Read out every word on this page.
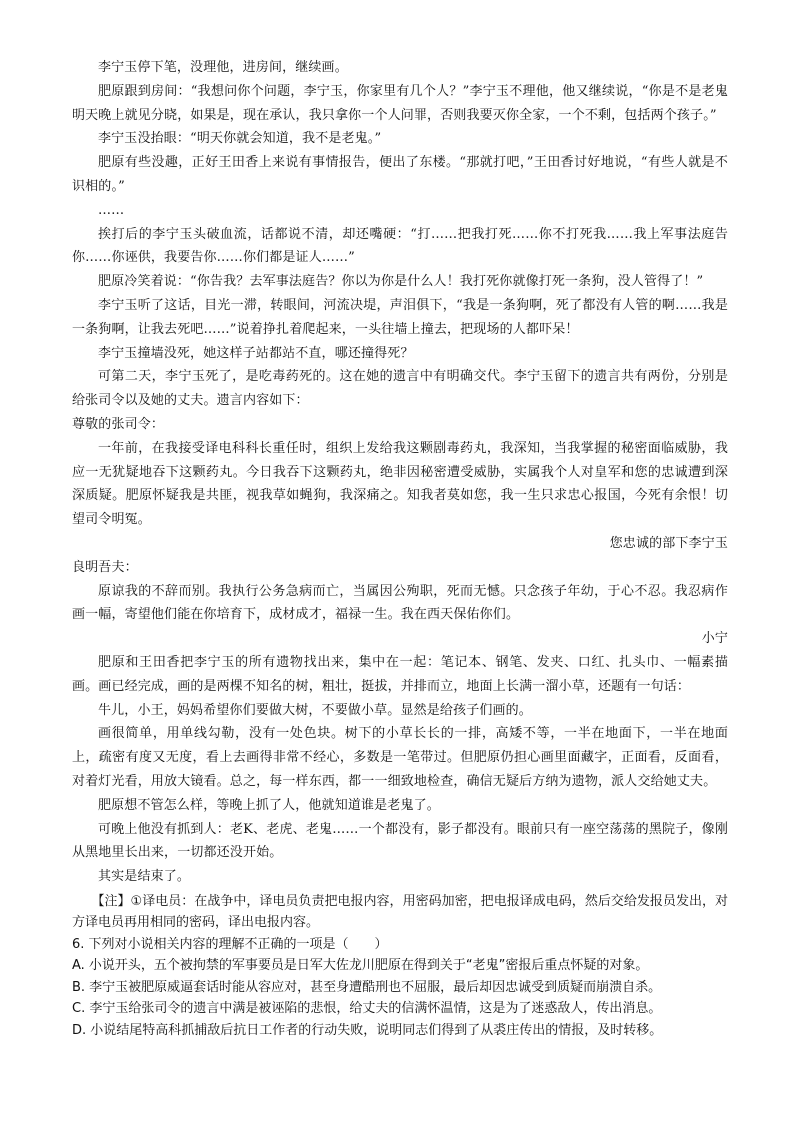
李宁玉停下笔，没理他，进房间，继续画。

肥原跟到房间：“我想问你个问题，李宁玉，你家里有几个人？”李宁玉不理他，他又继续说，“你是不是老鬼明天晚上就见分晓，如果是，现在承认，我只拿你一个人问罪，否则我要灭你全家，一个不剩，包括两个孩子。”

李宁玉没抬眼：“明天你就会知道，我不是老鬼。”

肥原有些没趣，正好王田香上来说有事情报告，便出了东楼。“那就打吧，”王田香讨好地说，“有些人就是不识相的。”

……

挨打后的李宁玉头破血流，话都说不清，却还嘴硬：“打……把我打死……你不打死我……我上军事法庭告你……你诬供，我要告你……你们都是证人……”

肥原冷笑着说：“你告我？去军事法庭告？你以为你是什么人！我打死你就像打死一条狗，没人管得了！”

李宁玉听了这话，目光一滞，转眼间，河流决堤，声泪俱下，“我是一条狗啊，死了都没有人管的啊……我是一条狗啊，让我去死吧……”说着挣扎着爬起来，一头往墙上撞去，把现场的人都吓呆！

李宁玉撞墙没死，她这样子站都站不直，哪还撞得死？

可第二天，李宁玉死了，是吃毒药死的。这在她的遗言中有明确交代。李宁玉留下的遗言共有两份，分别是给张司令以及她的丈夫。遗言内容如下：

尊敬的张司令：

一年前，在我接受译电科科长重任时，组织上发给我这颗剧毒药丸，我深知，当我掌握的秘密面临威胁，我应一无犹疑地吞下这颗药丸。今日我吞下这颗药丸，绝非因秘密遭受威胁，实属我个人对皇军和您的忠诚遭到深深质疑。肥原怀疑我是共匪，视我草如蝇狗，我深痛之。知我者莫如您，我一生只求忠心报国，今死有余恨！切望司令明冤。

您忠诚的部下李宁玉

良明吾夫：

原谅我的不辞而别。我执行公务急病而亡，当属因公殉职，死而无憾。只念孩子年幼，于心不忍。我忍病作画一幅，寄望他们能在你培育下，成材成才，福禄一生。我在西天保佑你们。

小宁

肥原和王田香把李宁玉的所有遗物找出来，集中在一起：笔记本、钢笔、发夹、口红、扎头巾、一幅素描画。画已经完成，画的是两棵不知名的树，粗壮，挺拔，并排而立，地面上长满一溜小草，还题有一句话：

牛儿，小王，妈妈希望你们要做大树，不要做小草。显然是给孩子们画的。

画很简单，用单线勾勒，没有一处色块。树下的小草长长的一排，高矮不等，一半在地面下，一半在地面上，疏密有度又无度，看上去画得非常不经心，多数是一笔带过。但肥原仍担心画里面藏字，正面看，反面看，对着灯光看，用放大镜看。总之，每一样东西，都一一细致地检查，确信无疑后方纳为遗物，派人交给她丈夫。

肥原想不管怎么样，等晚上抓了人，他就知道谁是老鬼了。

可晚上他没有抓到人：老K、老虎、老鬼……一个都没有，影子都没有。眼前只有一座空荡荡的黑院子，像刚从黑地里长出来，一切都还没开始。

其实是结束了。

【注】①译电员：在战争中，译电员负责把电报内容，用密码加密，把电报译成电码，然后交给发报员发出，对方译电员再用相同的密码，译出电报内容。

6. 下列对小说相关内容的理解不正确的一项是（　　）

A. 小说开头，五个被拘禁的军事要员是日军大佐龙川肥原在得到关于“老鬼”密报后重点怀疑的对象。

B. 李宁玉被肥原威逼套话时能从容应对，甚至身遭酷刑也不屈服，最后却因忠诚受到质疑而崩溃自杀。

C. 李宁玉给张司令的遗言中满是被诬陷的悲恨，给丈夫的信满怀温情，这是为了迷惑敌人，传出消息。

D. 小说结尾特高科抓捕敌后抗日工作者的行动失败，说明同志们得到了从裘庄传出的情报，及时转移。
